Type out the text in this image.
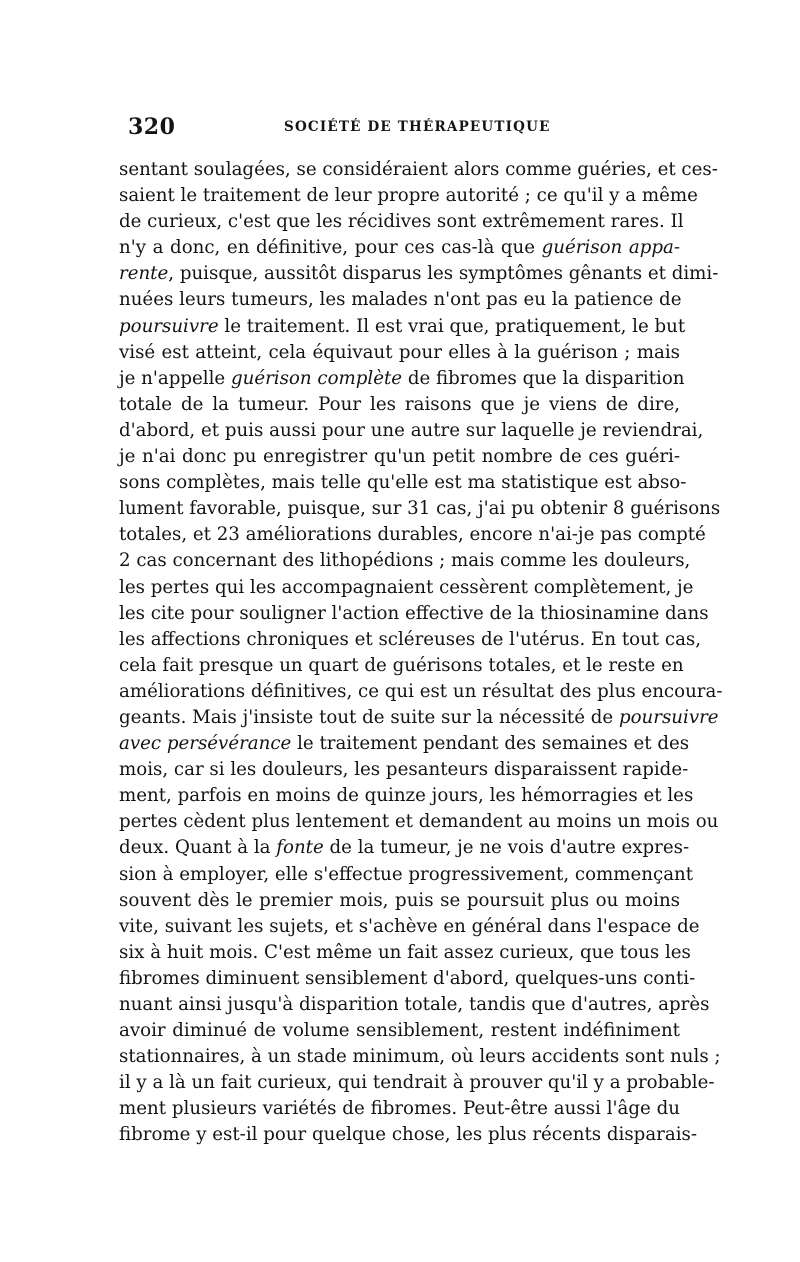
320	SOCIÉTÉ DE THÉRAPEUTIQUE
sentant soulagées, se considéraient alors comme guéries, et ces-
saient le traitement de leur propre autorité ; ce qu'il y a même
de curieux, c'est que les récidives sont extrêmement rares. Il
n'y a donc, en définitive, pour ces cas-là que guérison appa-
rente, puisque, aussitôt disparus les symptômes gênants et dimi-
nuées leurs tumeurs, les malades n'ont pas eu la patience de
poursuivre le traitement. Il est vrai que, pratiquement, le but
visé est atteint, cela équivaut pour elles à la guérison ; mais
je n'appelle guérison complète de fibromes que la disparition
totale de la tumeur. Pour les raisons que je viens de dire,
d'abord, et puis aussi pour une autre sur laquelle je reviendrai,
je n'ai donc pu enregistrer qu'un petit nombre de ces guéri-
sons complètes, mais telle qu'elle est ma statistique est abso-
lument favorable, puisque, sur 31 cas, j'ai pu obtenir 8 guérisons
totales, et 23 améliorations durables, encore n'ai-je pas compté
2 cas concernant des lithopédions ; mais comme les douleurs,
les pertes qui les accompagnaient cessèrent complètement, je
les cite pour souligner l'action effective de la thiosinamine dans
les affections chroniques et scléreuses de l'utérus. En tout cas,
cela fait presque un quart de guérisons totales, et le reste en
améliorations définitives, ce qui est un résultat des plus encoura-
geants. Mais j'insiste tout de suite sur la nécessité de poursuivre
avec persévérance le traitement pendant des semaines et des
mois, car si les douleurs, les pesanteurs disparaissent rapide-
ment, parfois en moins de quinze jours, les hémorragies et les
pertes cèdent plus lentement et demandent au moins un mois ou
deux. Quant à la fonte de la tumeur, je ne vois d'autre expres-
sion à employer, elle s'effectue progressivement, commençant
souvent dès le premier mois, puis se poursuit plus ou moins
vite, suivant les sujets, et s'achève en général dans l'espace de
six à huit mois. C'est même un fait assez curieux, que tous les
fibromes diminuent sensiblement d'abord, quelques-uns conti-
nuant ainsi jusqu'à disparition totale, tandis que d'autres, après
avoir diminué de volume sensiblement, restent indéfiniment
stationnaires, à un stade minimum, où leurs accidents sont nuls ;
il y a là un fait curieux, qui tendrait à prouver qu'il y a probable-
ment plusieurs variétés de fibromes. Peut-être aussi l'âge du
fibrome y est-il pour quelque chose, les plus récents disparais-
